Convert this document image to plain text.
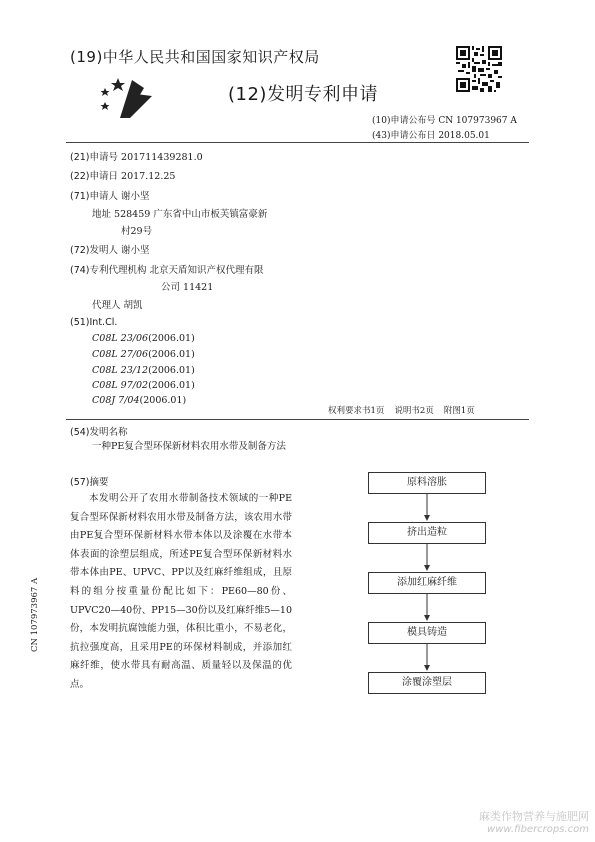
(19)中华人民共和国国家知识产权局
(12)发明专利申请
(10)申请公布号 CN 107973967 A
(43)申请公布日 2018.05.01
(21)申请号 201711439281.0
(22)申请日 2017.12.25
(71)申请人 谢小坚
地址 528459 广东省中山市板芙镇富豪新
村29号
(72)发明人 谢小坚
(74)专利代理机构 北京天盾知识产权代理有限
公司 11421
代理人 胡凯
(51)Int.Cl.
C08L 23/06(2006.01)
C08L 27/06(2006.01)
C08L 23/12(2006.01)
C08L 97/02(2006.01)
C08J 7/04(2006.01)
权利要求书1页 说明书2页 附图1页
(54)发明名称
一种PE复合型环保新材料农用水带及制备方法
(57)摘要
本发明公开了农用水带制备技术领域的一种PE复合型环保新材料农用水带及制备方法，该农用水带由PE复合型环保新材料水带本体以及涂覆在水带本体表面的涂塑层组成，所述PE复合型环保新材料水带本体由PE、UPVC、PP以及红麻纤维组成，且原料的组分按重量份配比如下：PE60—80份、UPVC20—40份、PP15—30份以及红麻纤维5—10份，本发明抗腐蚀能力强，体积比重小，不易老化，抗拉强度高，且采用PE的环保材料制成，并添加红麻纤维，使水带具有耐高温、质量轻以及保温的优点。
原料溶胀
挤出造粒
添加红麻纤维
模具铸造
涂覆涂塑层
CN 107973967 A
麻类作物营养与施肥网
www.fibercrops.com
